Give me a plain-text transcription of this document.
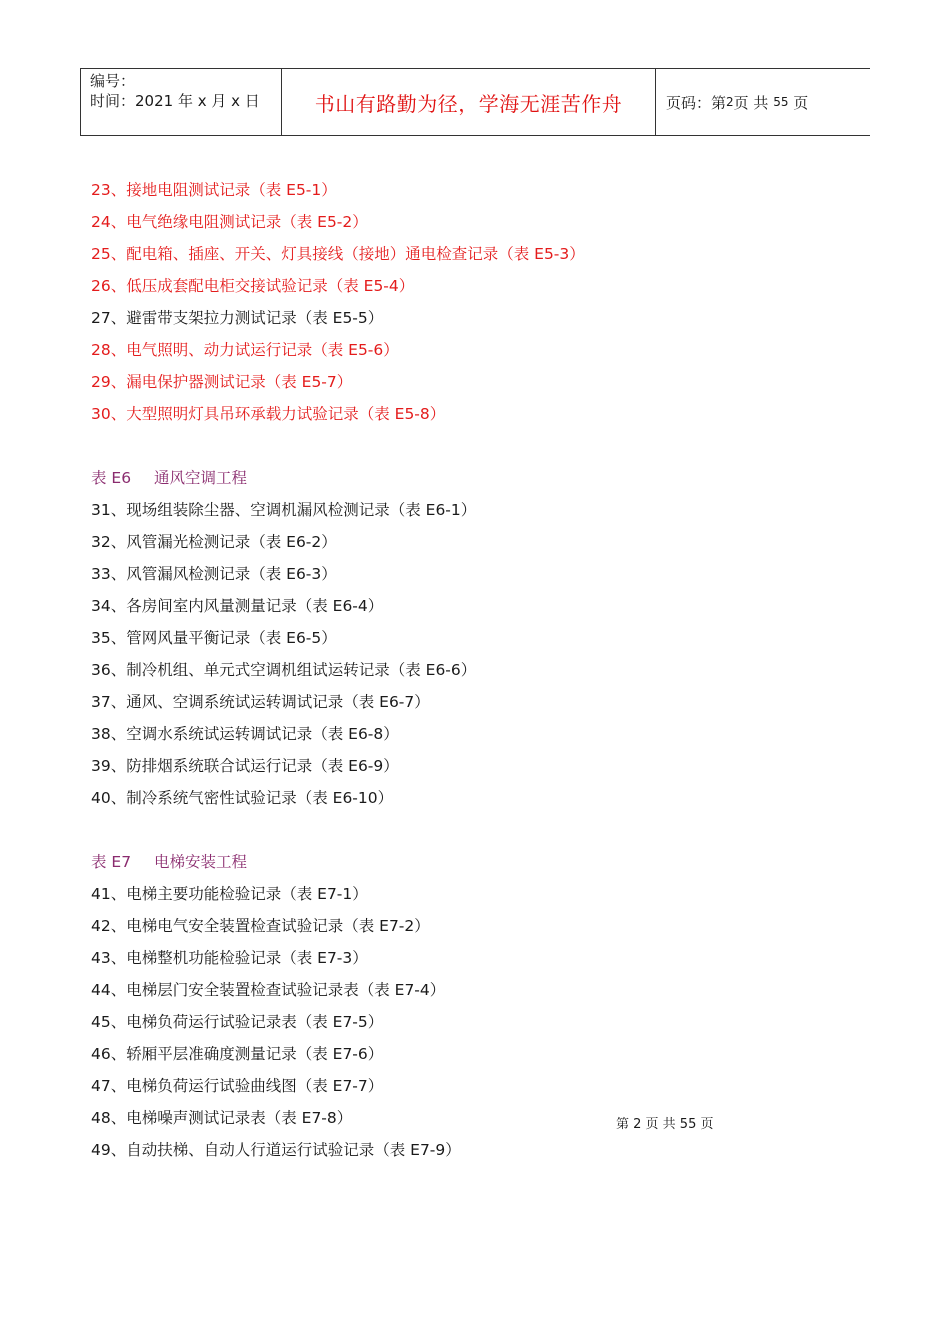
编号：
时间：2021 年 x 月 x 日	书山有路勤为径，学海无涯苦作舟	页码：第 2 页 共
55
页
23、接地电阻测试记录（表 E5-1）
24、电气绝缘电阻测试记录（表 E5-2）
25、配电箱、插座、开关、灯具接线（接地）通电检查记录（表 E5-3）
26、低压成套配电柜交接试验记录（表 E5-4）
27、避雷带支架拉力测试记录（表 E5-5）
28、电气照明、动力试运行记录（表 E5-6）
29、漏电保护器测试记录（表 E5-7）
30、大型照明灯具吊环承载力试验记录（表 E5-8）
表 E6 通风空调工程
31、现场组装除尘器、空调机漏风检测记录（表 E6-1）
32、风管漏光检测记录（表 E6-2）
33、风管漏风检测记录（表 E6-3）
34、各房间室内风量测量记录（表 E6-4）
35、管网风量平衡记录（表 E6-5）
36、制冷机组、单元式空调机组试运转记录（表 E6-6）
37、通风、空调系统试运转调试记录（表 E6-7）
38、空调水系统试运转调试记录（表 E6-8）
39、防排烟系统联合试运行记录（表 E6-9）
40、制冷系统气密性试验记录（表 E6-10）
表 E7 电梯安装工程
41、电梯主要功能检验记录（表 E7-1）
42、电梯电气安全装置检查试验记录（表 E7-2）
43、电梯整机功能检验记录（表 E7-3）
44、电梯层门安全装置检查试验记录表（表 E7-4）
45、电梯负荷运行试验记录表（表 E7-5）
46、轿厢平层准确度测量记录（表 E7-6）
47、电梯负荷运行试验曲线图（表 E7-7）
48、电梯噪声测试记录表（表 E7-8）
49、自动扶梯、自动人行道运行试验记录（表 E7-9）
第 2 页 共 55 页
